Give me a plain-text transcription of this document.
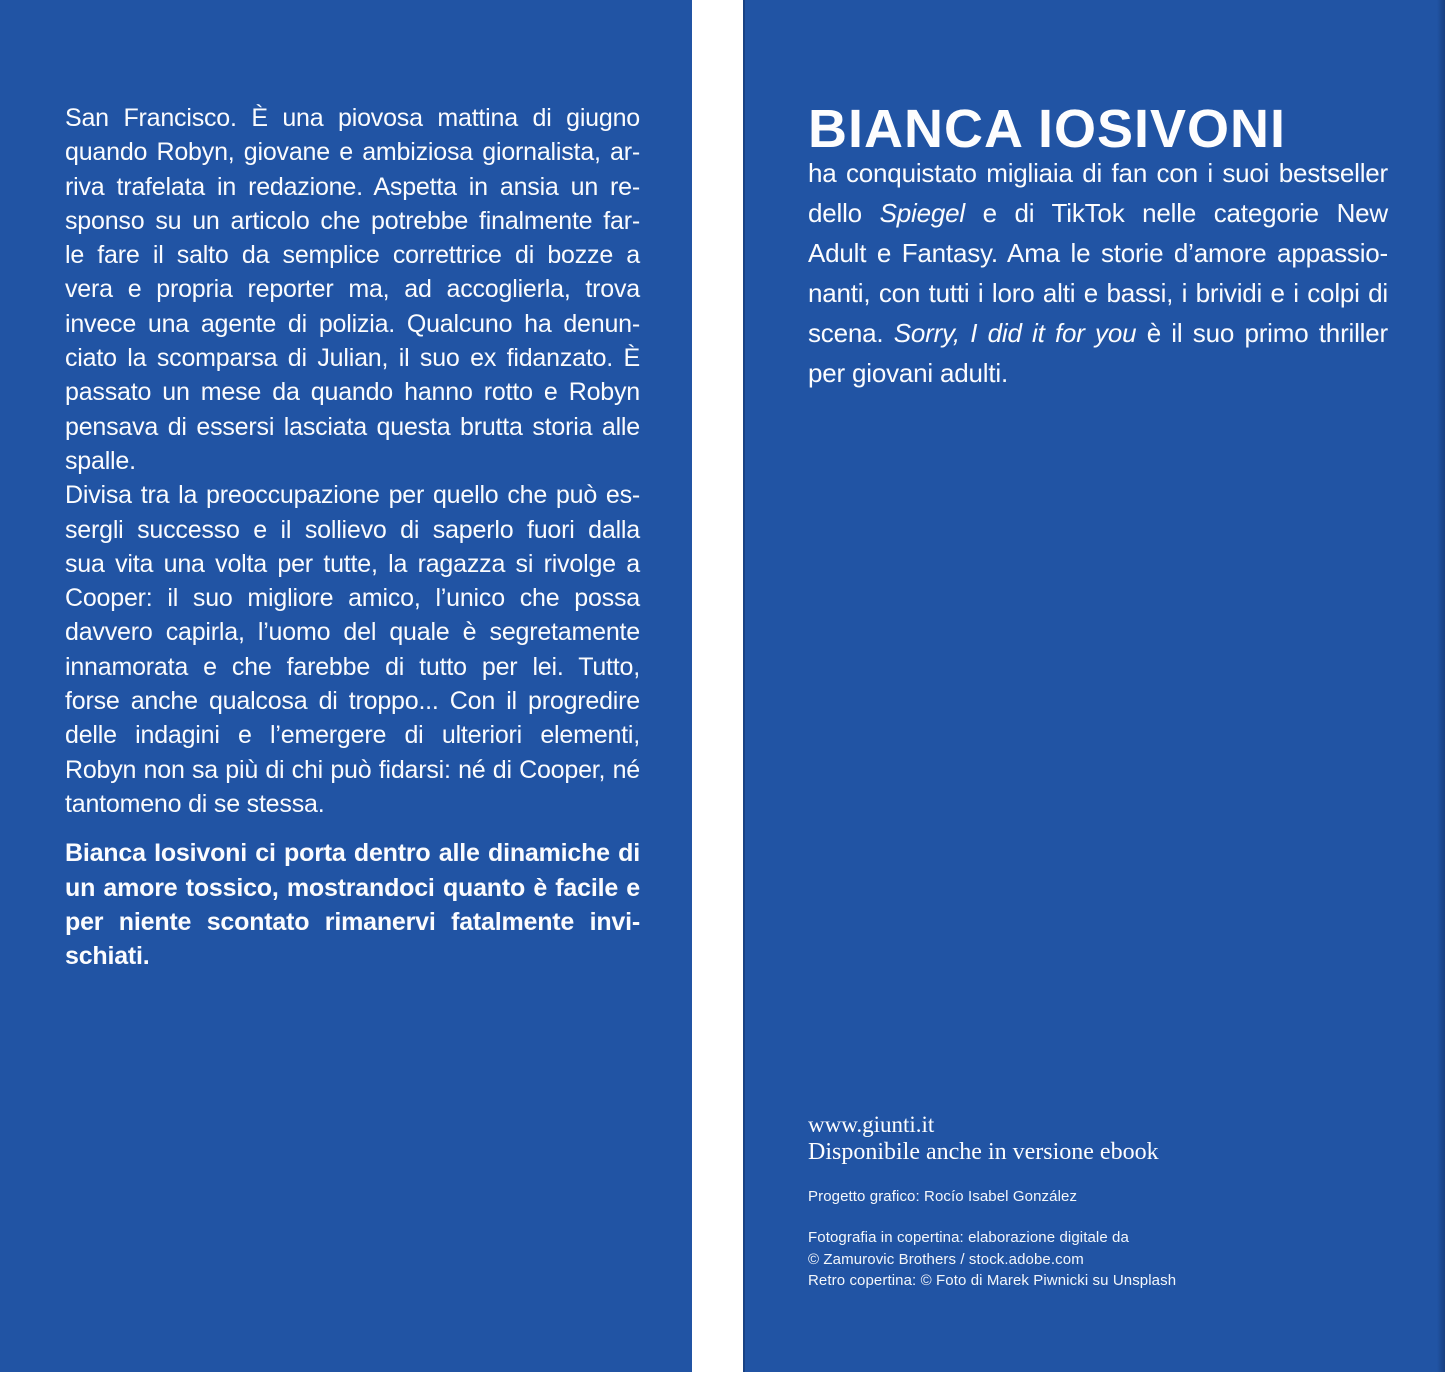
San Francisco. È una piovosa mattina di giugno
quando Robyn, giovane e ambiziosa giornalista, ar-
riva trafelata in redazione. Aspetta in ansia un re-
sponso su un articolo che potrebbe finalmente far-
le fare il salto da semplice correttrice di bozze a
vera e propria reporter ma, ad accoglierla, trova
invece una agente di polizia. Qualcuno ha denun-
ciato la scomparsa di Julian, il suo ex fidanzato. È
passato un mese da quando hanno rotto e Robyn
pensava di essersi lasciata questa brutta storia alle
spalle.
Divisa tra la preoccupazione per quello che può es-
sergli successo e il sollievo di saperlo fuori dalla
sua vita una volta per tutte, la ragazza si rivolge a
Cooper: il suo migliore amico, l’unico che possa
davvero capirla, l’uomo del quale è segretamente
innamorata e che farebbe di tutto per lei. Tutto,
forse anche qualcosa di troppo... Con il progredire
delle indagini e l’emergere di ulteriori elementi,
Robyn non sa più di chi può fidarsi: né di Cooper, né
tantomeno di se stessa.
Bianca Iosivoni ci porta dentro alle dinamiche di
un amore tossico, mostrandoci quanto è facile e
per niente scontato rimanervi fatalmente invi-
schiati.
BIANCA IOSIVONI
ha conquistato migliaia di fan con i suoi bestseller
dello Spiegel e di TikTok nelle categorie New
Adult e Fantasy. Ama le storie d’amore appassio-
nanti, con tutti i loro alti e bassi, i brividi e i colpi di
scena. Sorry, I did it for you è il suo primo thriller
per giovani adulti.
www.giunti.it
Disponibile anche in versione ebook
Progetto grafico: Rocío Isabel González
Fotografia in copertina: elaborazione digitale da
© Zamurovic Brothers / stock.adobe.com
Retro copertina: © Foto di Marek Piwnicki su Unsplash
